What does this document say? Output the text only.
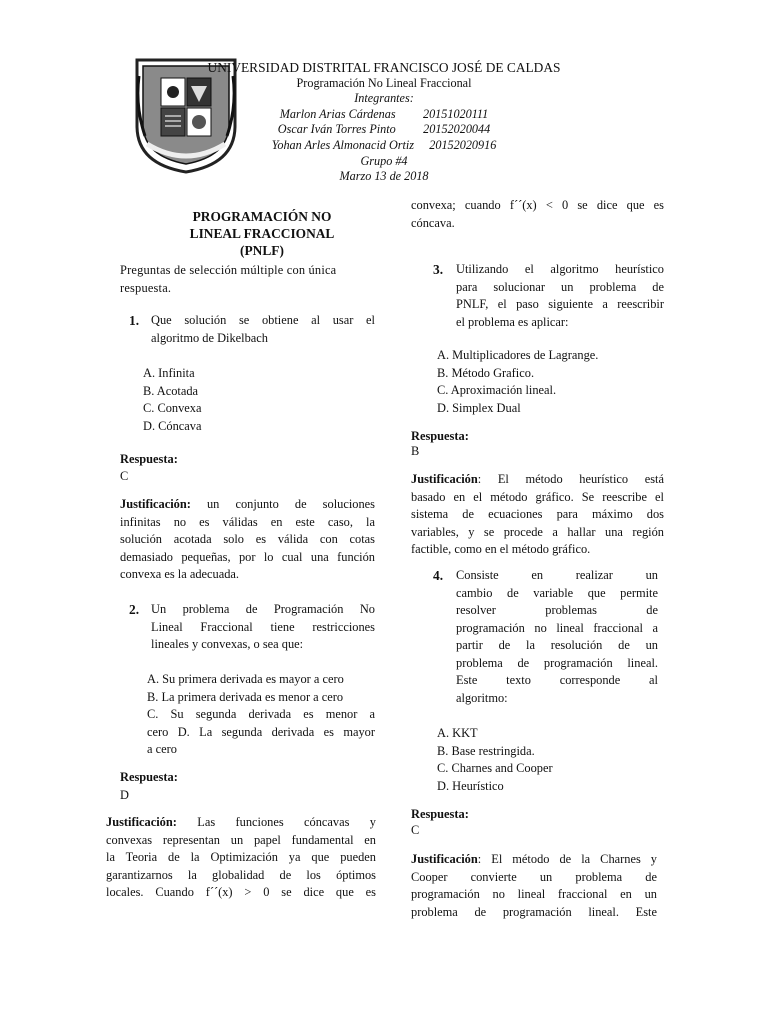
UNIVERSIDAD DISTRITAL FRANCISCO JOSÉ DE CALDAS
Programación No Lineal Fraccional
Integrantes:
Marlon Arias Cárdenas 20151020111
Oscar Iván Torres Pinto 20152020044
Yohan Arles Almonacid Ortiz 20152020916
Grupo #4
Marzo 13 de 2018
PROGRAMACIÓN NO
LINEAL FRACCIONAL
(PNLF)
Preguntas de selección múltiple con única
respuesta.
1. Que solución se obtiene al usar el
algoritmo de Dikelbach
A. Infinita
B. Acotada
C. Convexa
D. Cóncava
Respuesta:
C
Justificación: un conjunto de soluciones
infinitas no es válidas en este caso, la
solución acotada solo es válida con cotas
demasiado pequeñas, por lo cual una función
convexa es la adecuada.
2. Un problema de Programación No
Lineal Fraccional tiene restricciones
lineales y convexas, o sea que:
A. Su primera derivada es mayor a cero
B. La primera derivada es menor a cero
C. Su segunda derivada es menor a
cero D. La segunda derivada es mayor
a cero
Respuesta:
D
Justificación: Las funciones cóncavas y
convexas representan un papel fundamental en
la Teoria de la Optimización ya que pueden
garantizarnos la globalidad de los óptimos
locales. Cuando f´´(x) > 0 se dice que es
convexa; cuando f´´(x) < 0 se dice que es
cóncava.
3. Utilizando el algoritmo heurístico
para solucionar un problema de
PNLF, el paso siguiente a reescribir
el problema es aplicar:
A. Multiplicadores de Lagrange.
B. Método Grafico.
C. Aproximación lineal.
D. Simplex Dual
Respuesta:
B
Justificación: El método heurístico está
basado en el método gráfico. Se reescribe el
sistema de ecuaciones para máximo dos
variables, y se procede a hallar una región
factible, como en el método gráfico.
4. Consiste en realizar un
cambio de variable que permite
resolver problemas de
programación no lineal fraccional a
partir de la resolución de un
problema de programación lineal.
Este texto corresponde al
algoritmo:
A. KKT
B. Base restringida.
C. Charnes and Cooper
D. Heurístico
Respuesta:
C
Justificación: El método de la Charnes y
Cooper convierte un problema de
programación no lineal fraccional en un
problema de programación lineal. Este
